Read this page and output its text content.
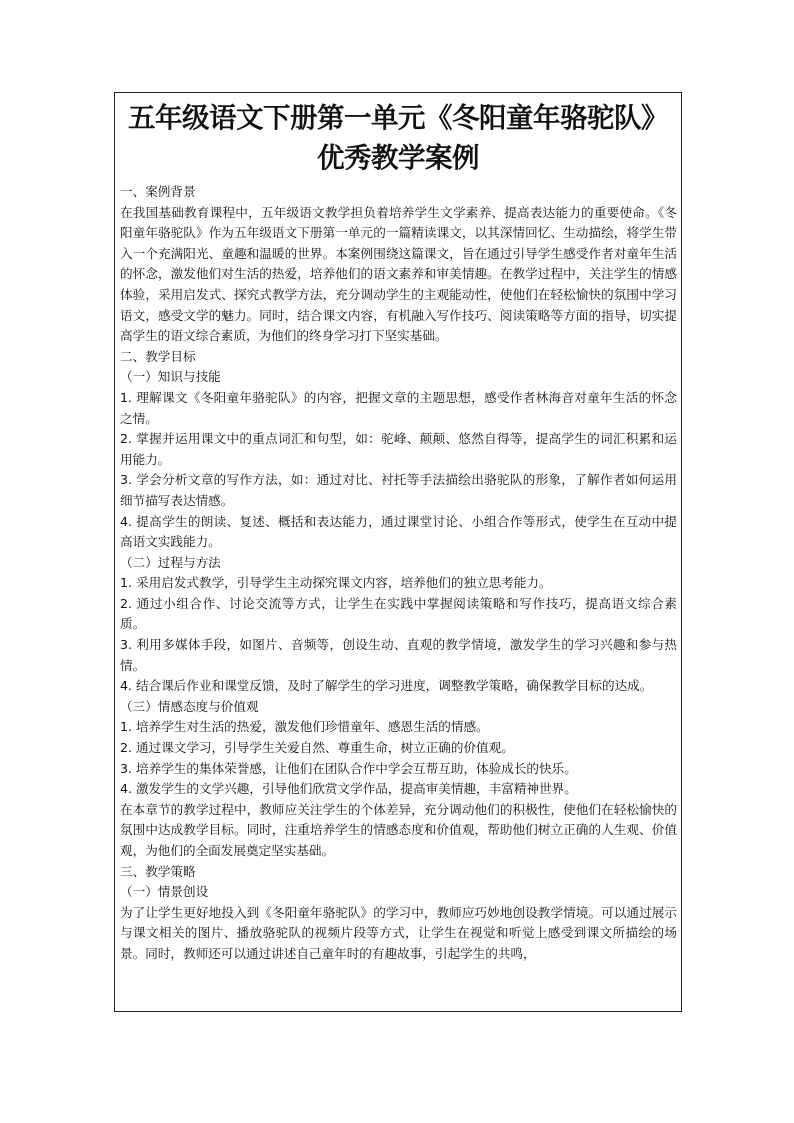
五年级语文下册第一单元《冬阳童年骆驼队》
优秀教学案例

一、案例背景

在我国基础教育课程中，五年级语文教学担负着培养学生文学素养、提高表达能力的重要使命。《冬阳童年骆驼队》作为五年级语文下册第一单元的一篇精读课文，以其深情回忆、生动描绘，将学生带入一个充满阳光、童趣和温暖的世界。本案例围绕这篇课文，旨在通过引导学生感受作者对童年生活的怀念，激发他们对生活的热爱，培养他们的语文素养和审美情趣。在教学过程中，关注学生的情感体验，采用启发式、探究式教学方法，充分调动学生的主观能动性，使他们在轻松愉快的氛围中学习语文，感受文学的魅力。同时，结合课文内容，有机融入写作技巧、阅读策略等方面的指导，切实提高学生的语文综合素质，为他们的终身学习打下坚实基础。

二、教学目标

（一）知识与技能

1. 理解课文《冬阳童年骆驼队》的内容，把握文章的主题思想，感受作者林海音对童年生活的怀念之情。

2. 掌握并运用课文中的重点词汇和句型，如：驼峰、颠颠、悠然自得等，提高学生的词汇积累和运用能力。

3. 学会分析文章的写作方法，如：通过对比、衬托等手法描绘出骆驼队的形象，了解作者如何运用细节描写表达情感。

4. 提高学生的朗读、复述、概括和表达能力，通过课堂讨论、小组合作等形式，使学生在互动中提高语文实践能力。

（二）过程与方法

1. 采用启发式教学，引导学生主动探究课文内容，培养他们的独立思考能力。

2. 通过小组合作、讨论交流等方式，让学生在实践中掌握阅读策略和写作技巧，提高语文综合素质。

3. 利用多媒体手段，如图片、音频等，创设生动、直观的教学情境，激发学生的学习兴趣和参与热情。

4. 结合课后作业和课堂反馈，及时了解学生的学习进度，调整教学策略，确保教学目标的达成。

（三）情感态度与价值观

1. 培养学生对生活的热爱，激发他们珍惜童年、感恩生活的情感。

2. 通过课文学习，引导学生关爱自然、尊重生命，树立正确的价值观。

3. 培养学生的集体荣誉感，让他们在团队合作中学会互帮互助，体验成长的快乐。

4. 激发学生的文学兴趣，引导他们欣赏文学作品，提高审美情趣，丰富精神世界。

在本章节的教学过程中，教师应关注学生的个体差异，充分调动他们的积极性，使他们在轻松愉快的氛围中达成教学目标。同时，注重培养学生的情感态度和价值观，帮助他们树立正确的人生观、价值观，为他们的全面发展奠定坚实基础。

三、教学策略

（一）情景创设

为了让学生更好地投入到《冬阳童年骆驼队》的学习中，教师应巧妙地创设教学情境。可以通过展示与课文相关的图片、播放骆驼队的视频片段等方式，让学生在视觉和听觉上感受到课文所描绘的场景。同时，教师还可以通过讲述自己童年时的有趣故事，引起学生的共鸣，
